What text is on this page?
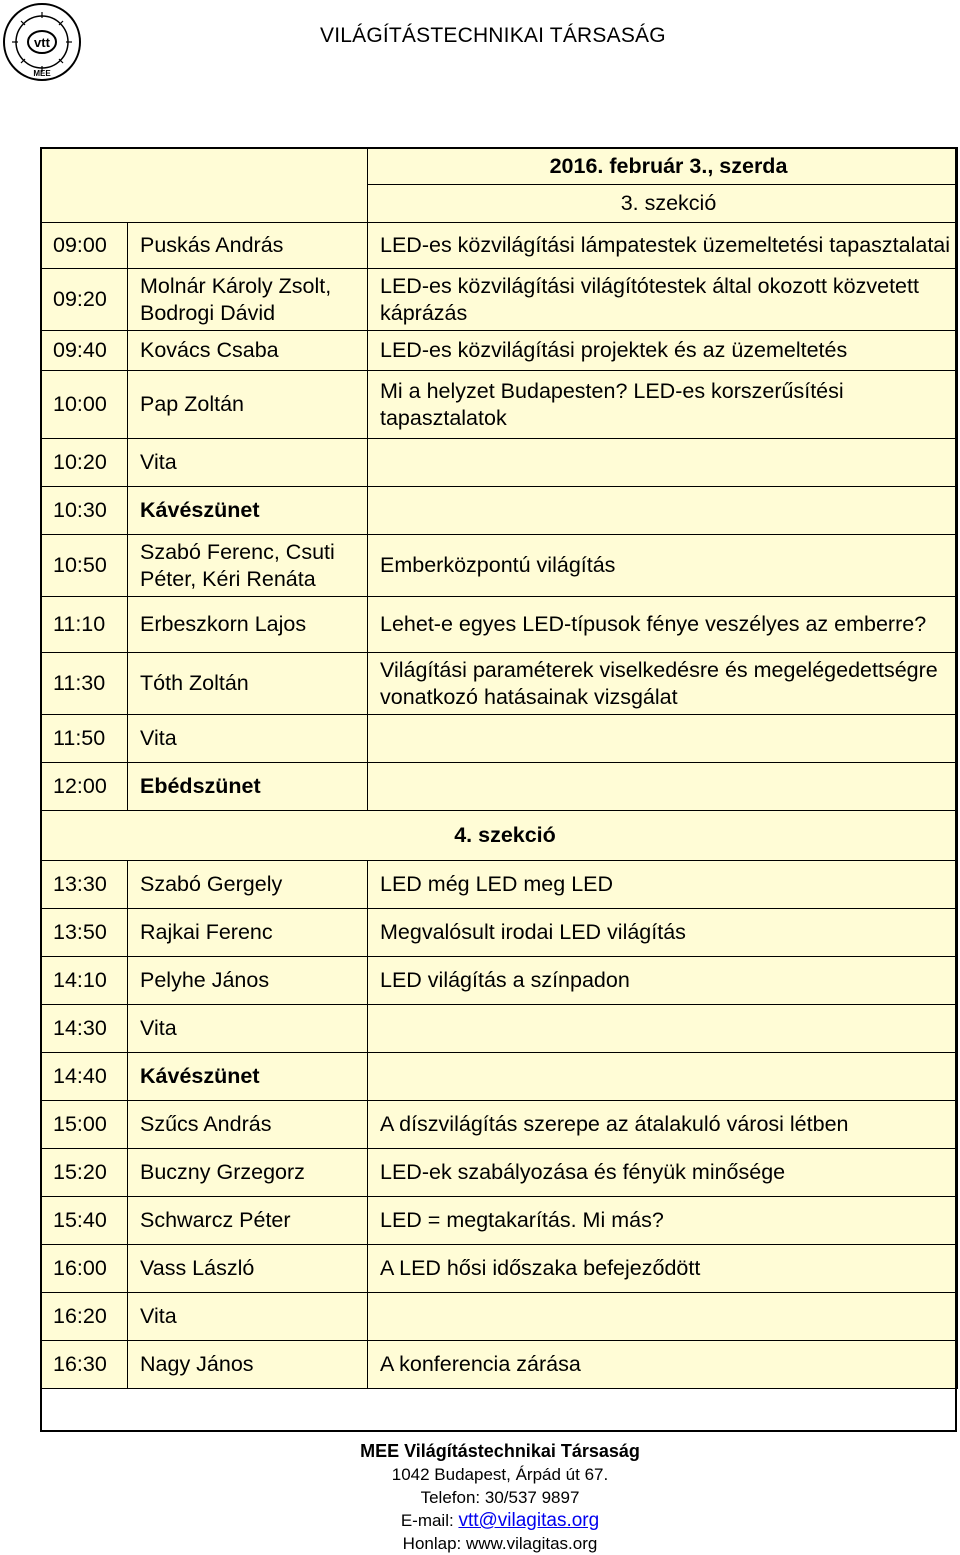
vtt
MEE
VILÁGÍTÁSTECHNIKAI TÁRSASÁG
		2016. február 3., szerda
		3. szekció
09:00	Puskás András	LED-es közvilágítási lámpatestek üzemeltetési tapasztalatai
09:20	Molnár Károly Zsolt, Bodrogi Dávid	LED-es közvilágítási világítótestek által okozott közvetett káprázás
09:40	Kovács Csaba	LED-es közvilágítási projektek és az üzemeltetés
10:00	Pap Zoltán	Mi a helyzet Budapesten? LED-es korszerűsítési tapasztalatok
10:20	Vita	
10:30	Kávészünet	
10:50	Szabó Ferenc, Csuti Péter, Kéri Renáta	Emberközpontú világítás
11:10	Erbeszkorn Lajos	Lehet-e egyes LED-típusok fénye veszélyes az emberre?
11:30	Tóth Zoltán	Világítási paraméterek viselkedésre és megelégedettségre vonatkozó hatásainak vizsgálat
11:50	Vita	
12:00	Ebédszünet	
4. szekció		
13:30	Szabó Gergely	LED még LED meg LED
13:50	Rajkai Ferenc	Megvalósult irodai LED világítás
14:10	Pelyhe János	LED világítás a színpadon
14:30	Vita	
14:40	Kávészünet	
15:00	Szűcs András	A díszvilágítás szerepe az átalakuló városi létben
15:20	Buczny Grzegorz	LED-ek szabályozása és fényük minősége
15:40	Schwarcz Péter	LED = megtakarítás. Mi más?
16:00	Vass László	A LED hősi időszaka befejeződött
16:20	Vita	
16:30	Nagy János	A konferencia zárása
MEE Világítástechnikai Társaság
1042 Budapest, Árpád út 67.
Telefon: 30/537 9897
E-mail: vtt@vilagitas.org
Honlap: www.vilagitas.org
